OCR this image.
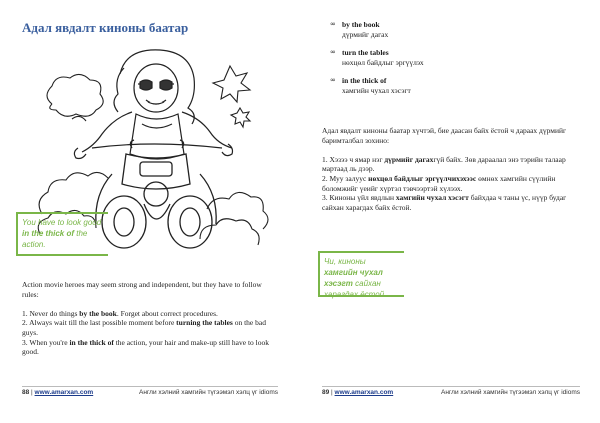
Адал явдалт киноны баатар
You have to look good in the thick of the action.

Action movie heroes may seem strong and independent, but they have to follow rules:

1. Never do things by the book. Forget about correct procedures.

2. Always wait till the last possible moment before turning the tables on the bad guys.

3. When you're in the thick of the action, your hair and make-up still have to look good.

88 | www.amarxan.com	Англи хэлний хамгийн түгээмэл хэлц үг idioms
∞ by the book
дүрмийг дагах
∞ turn the tables
нөхцөл байдлыг эргүүлэх
∞ in the thick of
хамгийн чухал хэсэгт

Адал явдалт киноны баатар хүчтэй, бие даасан байх ёстой ч дараах дүрмийг баримталбал зохино:

1. Хэзээ ч ямар нэг дүрмийг дагахгүй байх. Зөв дараалал энэ тэрийн талаар мартаад ль дээр.

2. Муу залуус нөхцөл байдлыг эргүүлчихэхээс өмнөх хамгийн сүүлийн боломжийг үеийг хүртэл тэвчээртэй хүлээх.

3. Киноны үйл явдлын хамгийн чухал хэсэгт байхдаа ч таны үс, нүүр будаг сайхан харагдах байх ёстой.

Чи, киноны хамгийн чухал хэсэгт сайхан харагдах ёстой.
89 | www.amarxan.com	Англи хэлний хамгийн түгээмэл хэлц үг idioms
